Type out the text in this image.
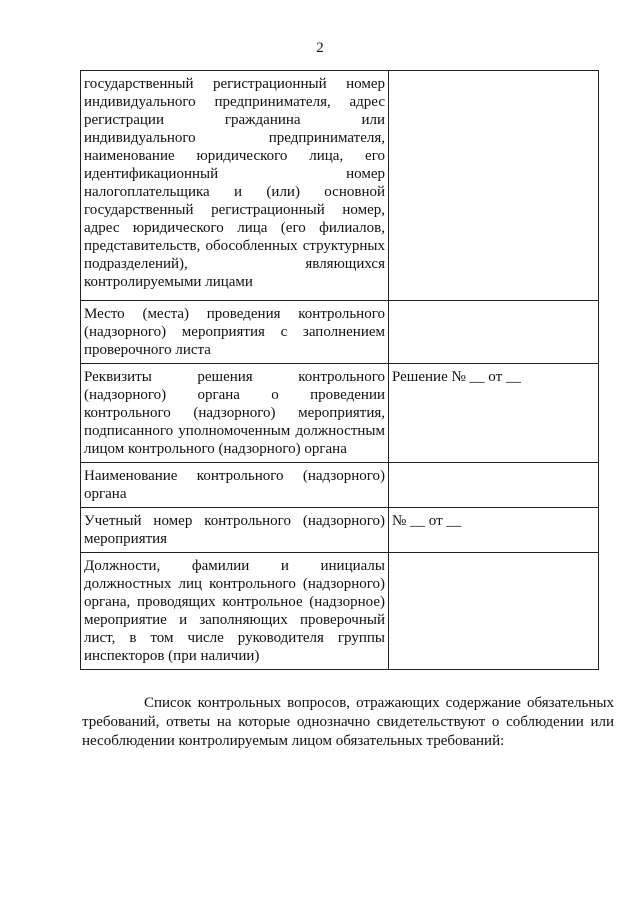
2
государственный регистрационный номер индивидуального предпринимателя, адрес регистрации гражданина или индивидуального предпринимателя, наименование юридического лица, его идентификационный номер налогоплательщика и (или) основной государственный регистрационный номер, адрес юридического лица (его филиалов, представительств, обособленных структурных подразделений), являющихся контролируемыми лицами	
Место (места) проведения контрольного (надзорного) мероприятия с заполнением проверочного листа	
Реквизиты решения контрольного (надзорного) органа о проведении контрольного (надзорного) мероприятия, подписанного уполномоченным должностным лицом контрольного (надзорного) органа	Решение № __ от __
Наименование контрольного (надзорного) органа	
Учетный номер контрольного (надзорного) мероприятия	№ __ от __
Должности, фамилии и инициалы должностных лиц контрольного (надзорного) органа, проводящих контрольное (надзорное) мероприятие и заполняющих проверочный лист, в том числе руководителя группы инспекторов (при наличии)	

Список контрольных вопросов, отражающих содержание обязательных требований, ответы на которые однозначно свидетельствуют о соблюдении или несоблюдении контролируемым лицом обязательных требований:
